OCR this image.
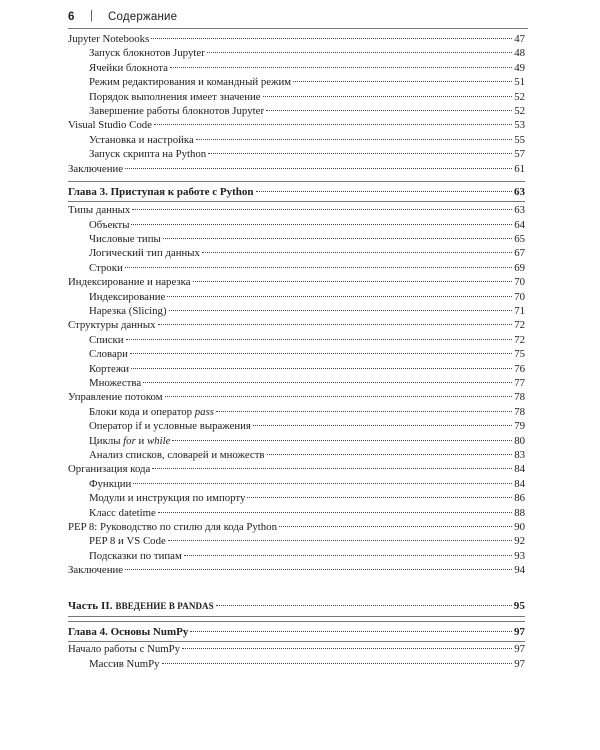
6 | Содержание
Jupyter Notebooks	47
Запуск блокнотов Jupyter	48
Ячейки блокнота	49
Режим редактирования и командный режим	51
Порядок выполнения имеет значение	52
Завершение работы блокнотов Jupyter	52
Visual Studio Code	53
Установка и настройка	55
Запуск скрипта на Python	57
Заключение	61
Глава 3. Приступая к работе с Python	63
Типы данных	63
Объекты	64
Числовые типы	65
Логический тип данных	67
Строки	69
Индексирование и нарезка	70
Индексирование	70
Нарезка (Slicing)	71
Структуры данных	72
Списки	72
Словари	75
Кортежи	76
Множества	77
Управление потоком	78
Блоки кода и оператор pass	78
Оператор if и условные выражения	79
Циклы for и while	80
Анализ списков, словарей и множеств	83
Организация кода	84
Функции	84
Модули и инструкция по импорту	86
Класс datetime	88
PEP 8: Руководство по стилю для кода Python	90
PEP 8 и VS Code	92
Подсказки по типам	93
Заключение	94
Часть II. ВВЕДЕНИЕ В PANDAS	95
Глава 4. Основы NumPy	97
Начало работы с NumPy	97
Массив NumPy	97
